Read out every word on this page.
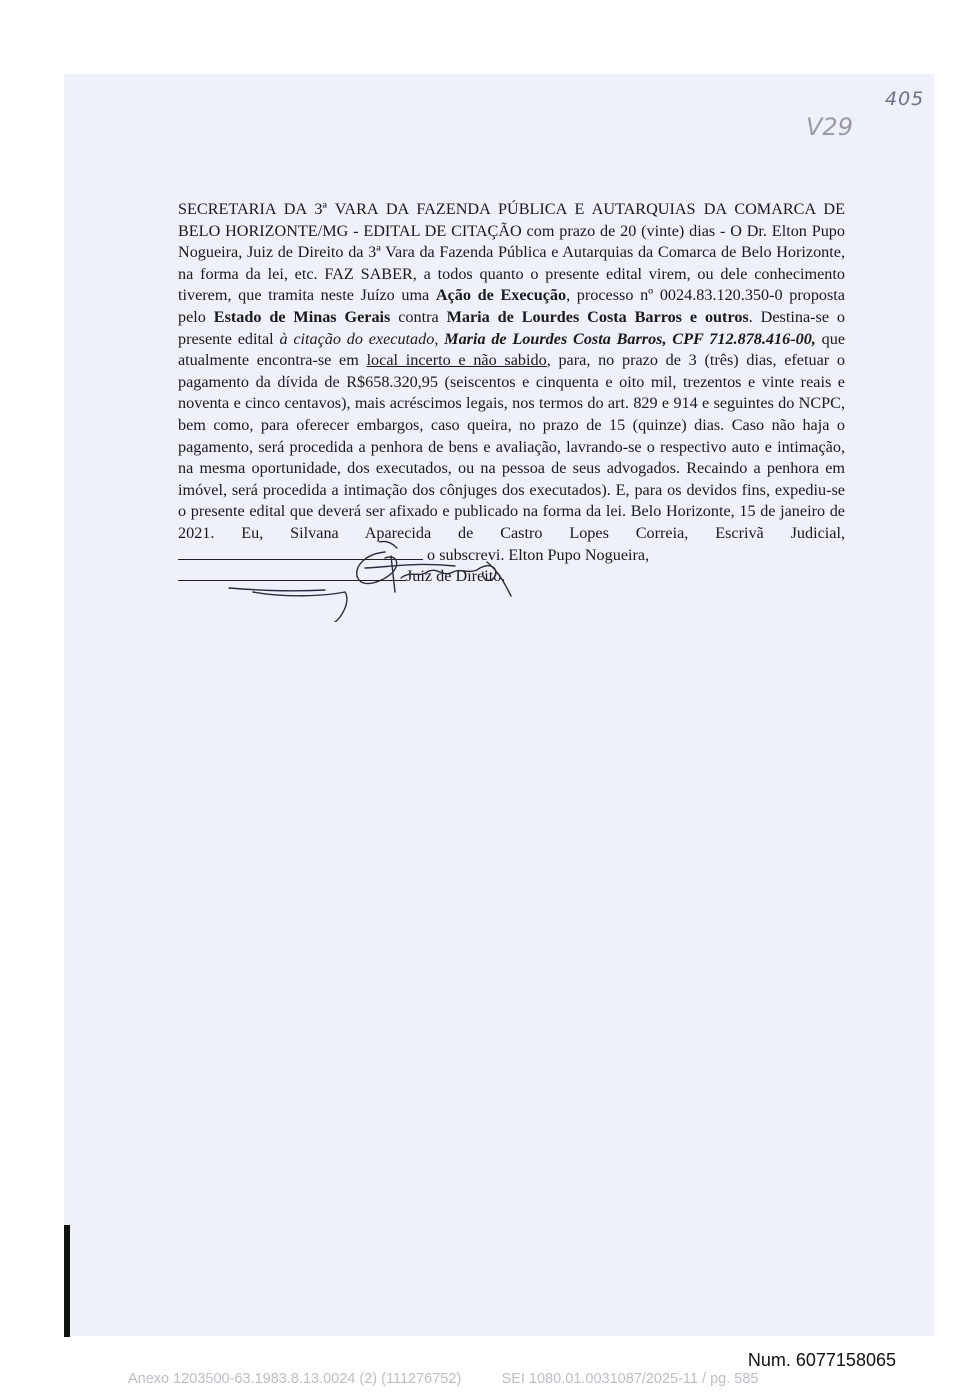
405
V29

SECRETARIA DA 3ª VARA DA FAZENDA PÚBLICA E AUTARQUIAS DA COMARCA DE BELO HORIZONTE/MG - EDITAL DE CITAÇÃO com prazo de 20 (vinte) dias - O Dr. Elton Pupo Nogueira, Juiz de Direito da 3ª Vara da Fazenda Pública e Autarquias da Comarca de Belo Horizonte, na forma da lei, etc. FAZ SABER, a todos quanto o presente edital virem, ou dele conhecimento tiverem, que tramita neste Juízo uma Ação de Execução, processo nº 0024.83.120.350-0 proposta pelo Estado de Minas Gerais contra Maria de Lourdes Costa Barros e outros. Destina-se o presente edital à citação do executado, Maria de Lourdes Costa Barros, CPF 712.878.416-00, que atualmente encontra-se em local incerto e não sabido, para, no prazo de 3 (três) dias, efetuar o pagamento da dívida de R$658.320,95 (seiscentos e cinquenta e oito mil, trezentos e vinte reais e noventa e cinco centavos), mais acréscimos legais, nos termos do art. 829 e 914 e seguintes do NCPC, bem como, para oferecer embargos, caso queira, no prazo de 15 (quinze) dias. Caso não haja o pagamento, será procedida a penhora de bens e avaliação, lavrando-se o respectivo auto e intimação, na mesma oportunidade, dos executados, ou na pessoa de seus advogados. Recaindo a penhora em imóvel, será procedida a intimação dos cônjuges dos executados). E, para os devidos fins, expediu-se o presente edital que deverá ser afixado e publicado na forma da lei. Belo Horizonte, 15 de janeiro de 2021. Eu, Silvana Aparecida de Castro Lopes Correia, Escrivã Judicial,  o subscrevi. Elton Pupo Nogueira,
Juiz de Direito.

Num. 6077158065
Anexo 1203500-63.1983.8.13.0024 (2) (111276752)	SEI 1080.01.0031087/2025-11 / pg. 585
